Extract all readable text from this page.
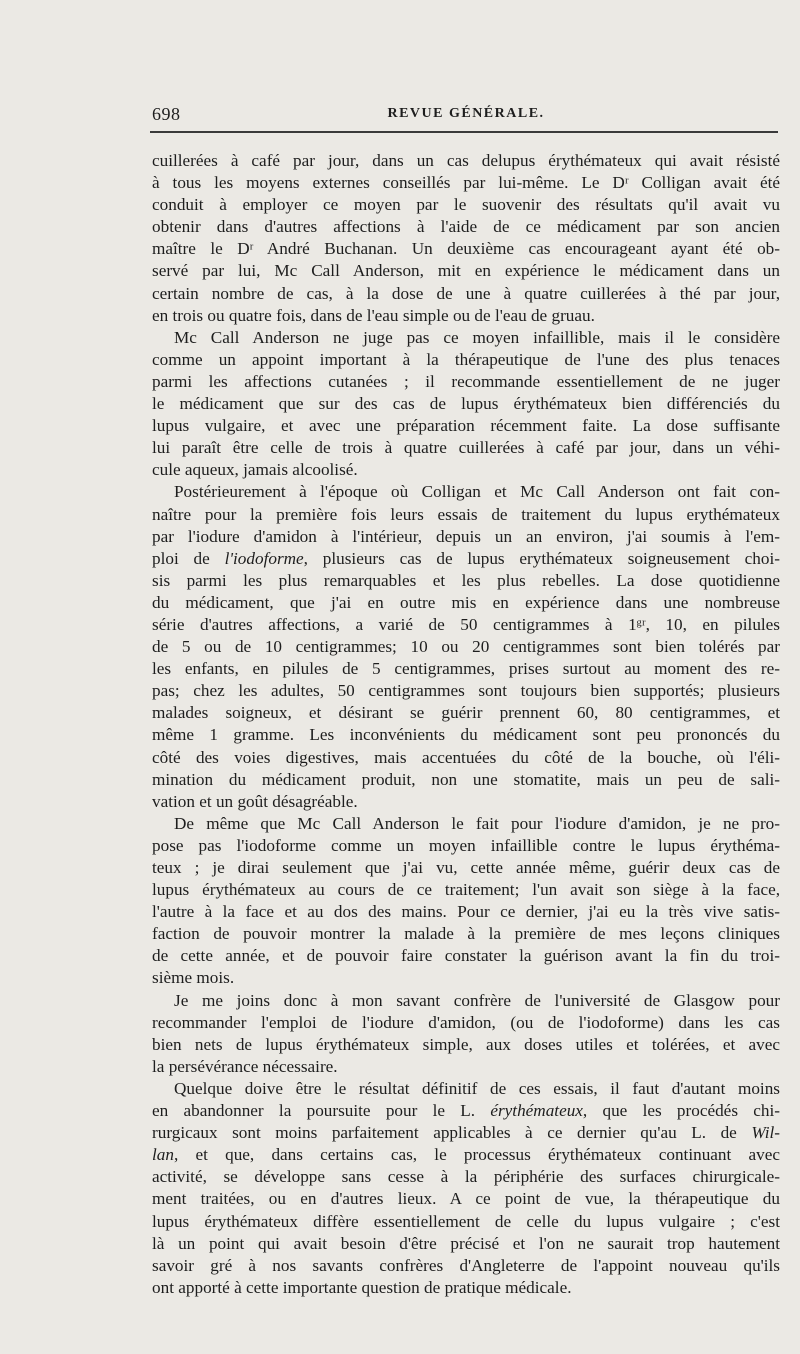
698	REVUE GÉNÉRALE.
cuillerées à café par jour, dans un cas delupus érythémateux qui avait résisté
à tous les moyens externes conseillés par lui-même. Le Dʳ Colligan avait été
conduit à employer ce moyen par le suovenir des résultats qu'il avait vu
obtenir dans d'autres affections à l'aide de ce médicament par son ancien
maître le Dʳ André Buchanan. Un deuxième cas encourageant ayant été ob-
servé par lui, Mc Call Anderson, mit en expérience le médicament dans un
certain nombre de cas, à la dose de une à quatre cuillerées à thé par jour,
en trois ou quatre fois, dans de l'eau simple ou de l'eau de gruau.
Mc Call Anderson ne juge pas ce moyen infaillible, mais il le considère
comme un appoint important à la thérapeutique de l'une des plus tenaces
parmi les affections cutanées ; il recommande essentiellement de ne juger
le médicament que sur des cas de lupus érythémateux bien différenciés du
lupus vulgaire, et avec une préparation récemment faite. La dose suffisante
lui paraît être celle de trois à quatre cuillerées à café par jour, dans un véhi-
cule aqueux, jamais alcoolisé.
Postérieurement à l'époque où Colligan et Mc Call Anderson ont fait con-
naître pour la première fois leurs essais de traitement du lupus erythémateux
par l'iodure d'amidon à l'intérieur, depuis un an environ, j'ai soumis à l'em-
ploi de l'iodoforme, plusieurs cas de lupus erythémateux soigneusement choi-
sis parmi les plus remarquables et les plus rebelles. La dose quotidienne
du médicament, que j'ai en outre mis en expérience dans une nombreuse
série d'autres affections, a varié de 50 centigrammes à 1ᵍʳ, 10, en pilules
de 5 ou de 10 centigrammes; 10 ou 20 centigrammes sont bien tolérés par
les enfants, en pilules de 5 centigrammes, prises surtout au moment des re-
pas; chez les adultes, 50 centigrammes sont toujours bien supportés; plusieurs
malades soigneux, et désirant se guérir prennent 60, 80 centigrammes, et
même 1 gramme. Les inconvénients du médicament sont peu prononcés du
côté des voies digestives, mais accentuées du côté de la bouche, où l'éli-
mination du médicament produit, non une stomatite, mais un peu de sali-
vation et un goût désagréable.
De même que Mc Call Anderson le fait pour l'iodure d'amidon, je ne pro-
pose pas l'iodoforme comme un moyen infaillible contre le lupus érythéma-
teux ; je dirai seulement que j'ai vu, cette année même, guérir deux cas de
lupus érythémateux au cours de ce traitement; l'un avait son siège à la face,
l'autre à la face et au dos des mains. Pour ce dernier, j'ai eu la très vive satis-
faction de pouvoir montrer la malade à la première de mes leçons cliniques
de cette année, et de pouvoir faire constater la guérison avant la fin du troi-
sième mois.
Je me joins donc à mon savant confrère de l'université de Glasgow pour
recommander l'emploi de l'iodure d'amidon, (ou de l'iodoforme) dans les cas
bien nets de lupus érythémateux simple, aux doses utiles et tolérées, et avec
la persévérance nécessaire.
Quelque doive être le résultat définitif de ces essais, il faut d'autant moins
en abandonner la poursuite pour le L. érythémateux, que les procédés chi-
rurgicaux sont moins parfaitement applicables à ce dernier qu'au L. de Wil-
lan, et que, dans certains cas, le processus érythémateux continuant avec
activité, se développe sans cesse à la périphérie des surfaces chirurgicale-
ment traitées, ou en d'autres lieux. A ce point de vue, la thérapeutique du
lupus érythémateux diffère essentiellement de celle du lupus vulgaire ; c'est
là un point qui avait besoin d'être précisé et l'on ne saurait trop hautement
savoir gré à nos savants confrères d'Angleterre de l'appoint nouveau qu'ils
ont apporté à cette importante question de pratique médicale.
